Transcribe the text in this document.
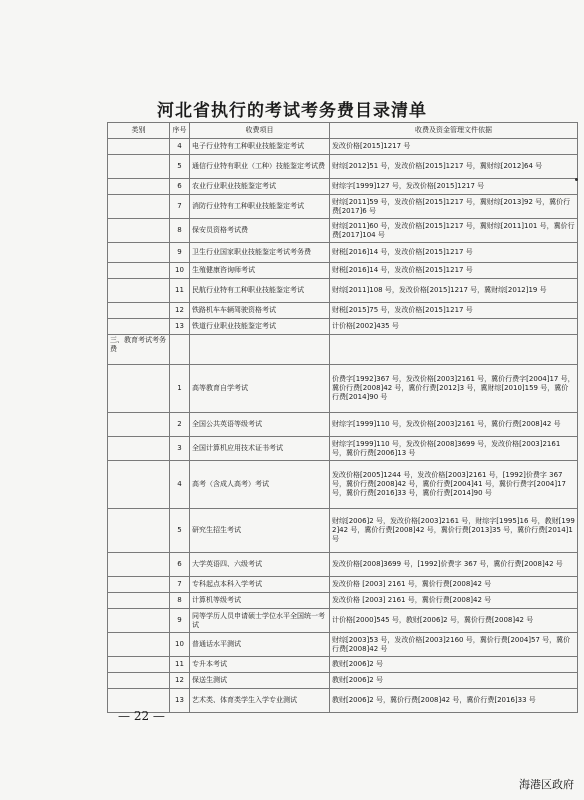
河北省执行的考试考务费目录清单
类别	序号	收费项目	收费及资金管理文件依据
	4	电子行业特有工种职业技能鉴定考试	发改价格[2015]1217 号
	5	通信行业特有职业（工种）技能鉴定考试费	财综[2012]51 号，发改价格[2015]1217 号，冀财综[2012]64 号
	6	农业行业职业技能鉴定考试	财综字[1999]127 号，发改价格[2015]1217 号
	7	消防行业特有工种职业技能鉴定考试	财综[2011]59 号，发改价格[2015]1217 号，冀财综[2013]92 号，冀价行费[2017]6 号
	8	保安员资格考试费	财综[2011]60 号，发改价格[2015]1217 号，冀财综[2011]101 号，冀价行费[2017]104 号
	9	卫生行业国家职业技能鉴定考试考务费	财税[2016]14 号，发改价格[2015]1217 号
	10	生殖健康咨询师考试	财税[2016]14 号，发改价格[2015]1217 号
	11	民航行业特有工种职业技能鉴定考试	财综[2011]108 号，发改价格[2015]1217 号，冀财综[2012]19 号
	12	铁路机车车辆驾驶资格考试	财税[2015]75 号，发改价格[2015]1217 号
	13	铁道行业职业技能鉴定考试	计价格[2002]435 号
三、教育考试考务费			
	1	高等教育自学考试	价费字[1992]367 号，发改价格[2003]2161 号，冀价行费字[2004]17 号，冀价行费[2008]42 号，冀价行费[2012]3 号，冀财综[2010]159 号，冀价行费[2014]90 号
	2	全国公共英语等级考试	财综字[1999]110 号，发改价格[2003]2161 号，冀价行费[2008]42 号
	3	全国计算机应用技术证书考试	财综字[1999]110 号，发改价格[2008]3699 号，发改价格[2003]2161 号，冀价行费[2006]13 号
	4	高考（含成人高考）考试	发改价格[2005]1244 号，发改价格[2003]2161 号，[1992]价费字 367 号，冀价行费[2008]42 号，冀价行费[2004]41 号，冀价行费字[2004]17 号，冀价行费[2016]33 号，冀价行费[2014]90 号
	5	研究生招生考试	财综[2006]2 号，发改价格[2003]2161 号，财综字[1995]16 号，教财[1992]42 号，冀价行费[2008]42 号，冀价行费[2013]35 号，冀价行费[2014]1 号
	6	大学英语四、六级考试	发改价格[2008]3699 号，[1992]价费字 367 号，冀价行费[2008]42 号
	7	专科起点本科入学考试	发改价格 [2003] 2161 号，冀价行费[2008]42 号
	8	计算机等级考试	发改价格 [2003] 2161 号，冀价行费[2008]42 号
	9	同等学历人员申请硕士学位水平全国统一考试	计价格[2000]545 号，教财[2006]2 号，冀价行费[2008]42 号
	10	普通话水平测试	财综[2003]53 号，发改价格[2003]2160 号，冀价行费[2004]57 号，冀价行费[2008]42 号
	11	专升本考试	教财[2006]2 号
	12	保送生测试	教财[2006]2 号
	13	艺术类、体育类学生入学专业测试	教财[2006]2 号，冀价行费[2008]42 号，冀价行费[2016]33 号
— 22 —
海港区政府
